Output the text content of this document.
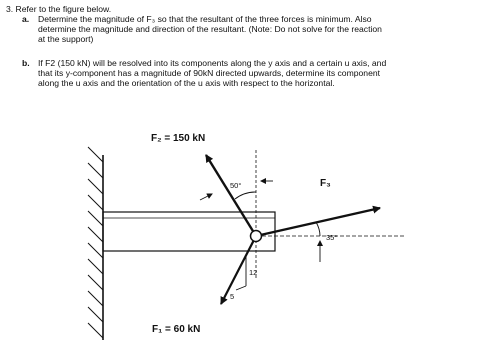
3. Refer to the figure below.
a. Determine the magnitude of F₃ so that the resultant of the three forces is minimum. Also
determine the magnitude and direction of the resultant. (Note: Do not solve for the reaction
at the support)
b. If F2 (150 kN) will be resolved into its components along the y axis and a certain u axis, and
that its y-component has a magnitude of 90kN directed upwards, determine its component
along the u axis and the orientation of the u axis with respect to the horizontal.
F₂ = 150 kN
F₁ = 60 kN
F₃
50°
35°
12
5
